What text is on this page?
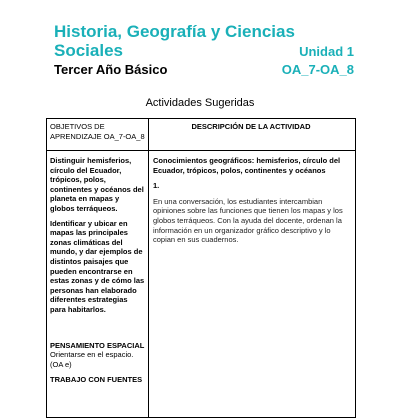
Historia, Geografía y Ciencias
Sociales	Unidad 1
Tercer Año Básico	OA_7-OA_8
Actividades Sugeridas
OBJETIVOS DE APRENDIZAJE OA_7-OA_8
DESCRIPCIÓN DE LA ACTIVIDAD

Distinguir hemisferios, círculo del Ecuador, trópicos, polos, continentes y océanos del planeta en mapas y globos terráqueos.

Identificar y ubicar en mapas las principales zonas climáticas del mundo, y dar ejemplos de distintos paisajes que pueden encontrarse en estas zonas y de cómo las personas han elaborado diferentes estrategias para habitarlos.

PENSAMIENTO ESPACIAL

Orientarse en el espacio. (OA e)

TRABAJO CON FUENTES

Conocimientos geográficos: hemisferios, círculo del Ecuador, trópicos, polos, continentes y océanos

1.

En una conversación, los estudiantes intercambian opiniones sobre las funciones que tienen los mapas y los globos terráqueos. Con la ayuda del docente, ordenan la información en un organizador gráfico descriptivo y lo copian en sus cuadernos.
